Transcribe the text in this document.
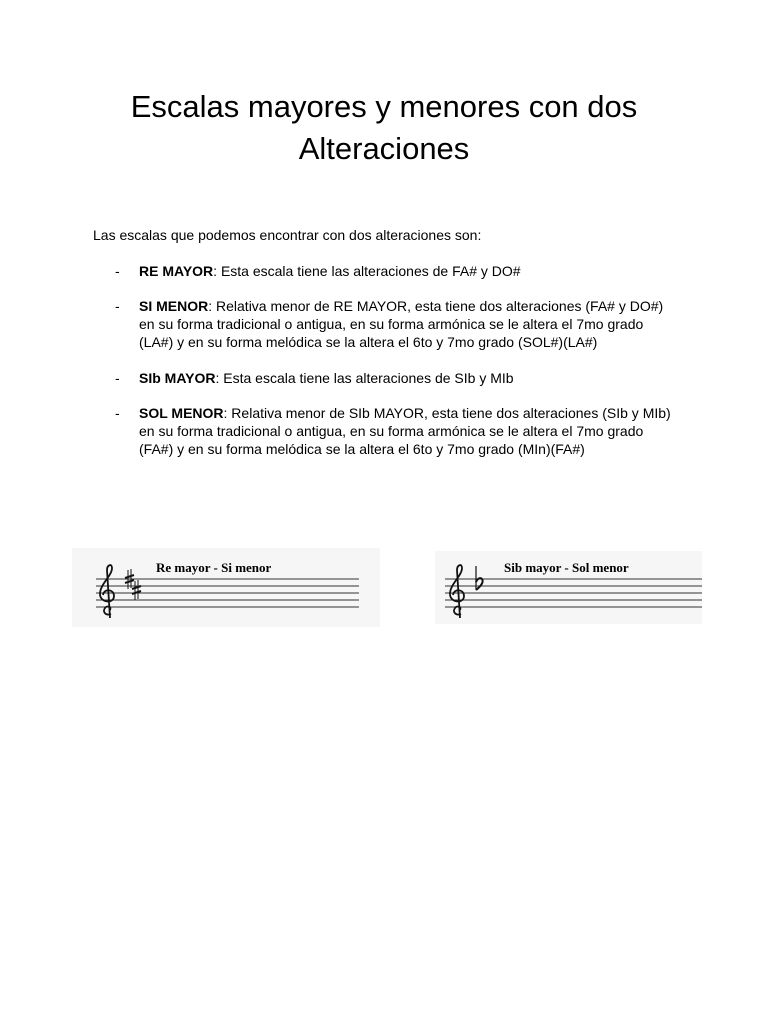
Escalas mayores y menores con dos Alteraciones

Las escalas que podemos encontrar con dos alteraciones son:

- RE MAYOR: Esta escala tiene las alteraciones de FA# y DO#

- SI MENOR: Relativa menor de RE MAYOR, esta tiene dos alteraciones (FA# y DO#) en su forma tradicional o antigua, en su forma armónica se le altera el 7mo grado (LA#) y en su forma melódica se la altera el 6to y 7mo grado (SOL#)(LA#)

- SIb MAYOR: Esta escala tiene las alteraciones de SIb y MIb

- SOL MENOR: Relativa menor de SIb MAYOR, esta tiene dos alteraciones (SIb y MIb) en su forma tradicional o antigua, en su forma armónica se le altera el 7mo grado (FA#) y en su forma melódica se la altera el 6to y 7mo grado (MIn)(FA#)

Re mayor - Si menor	Sib mayor - Sol menor
